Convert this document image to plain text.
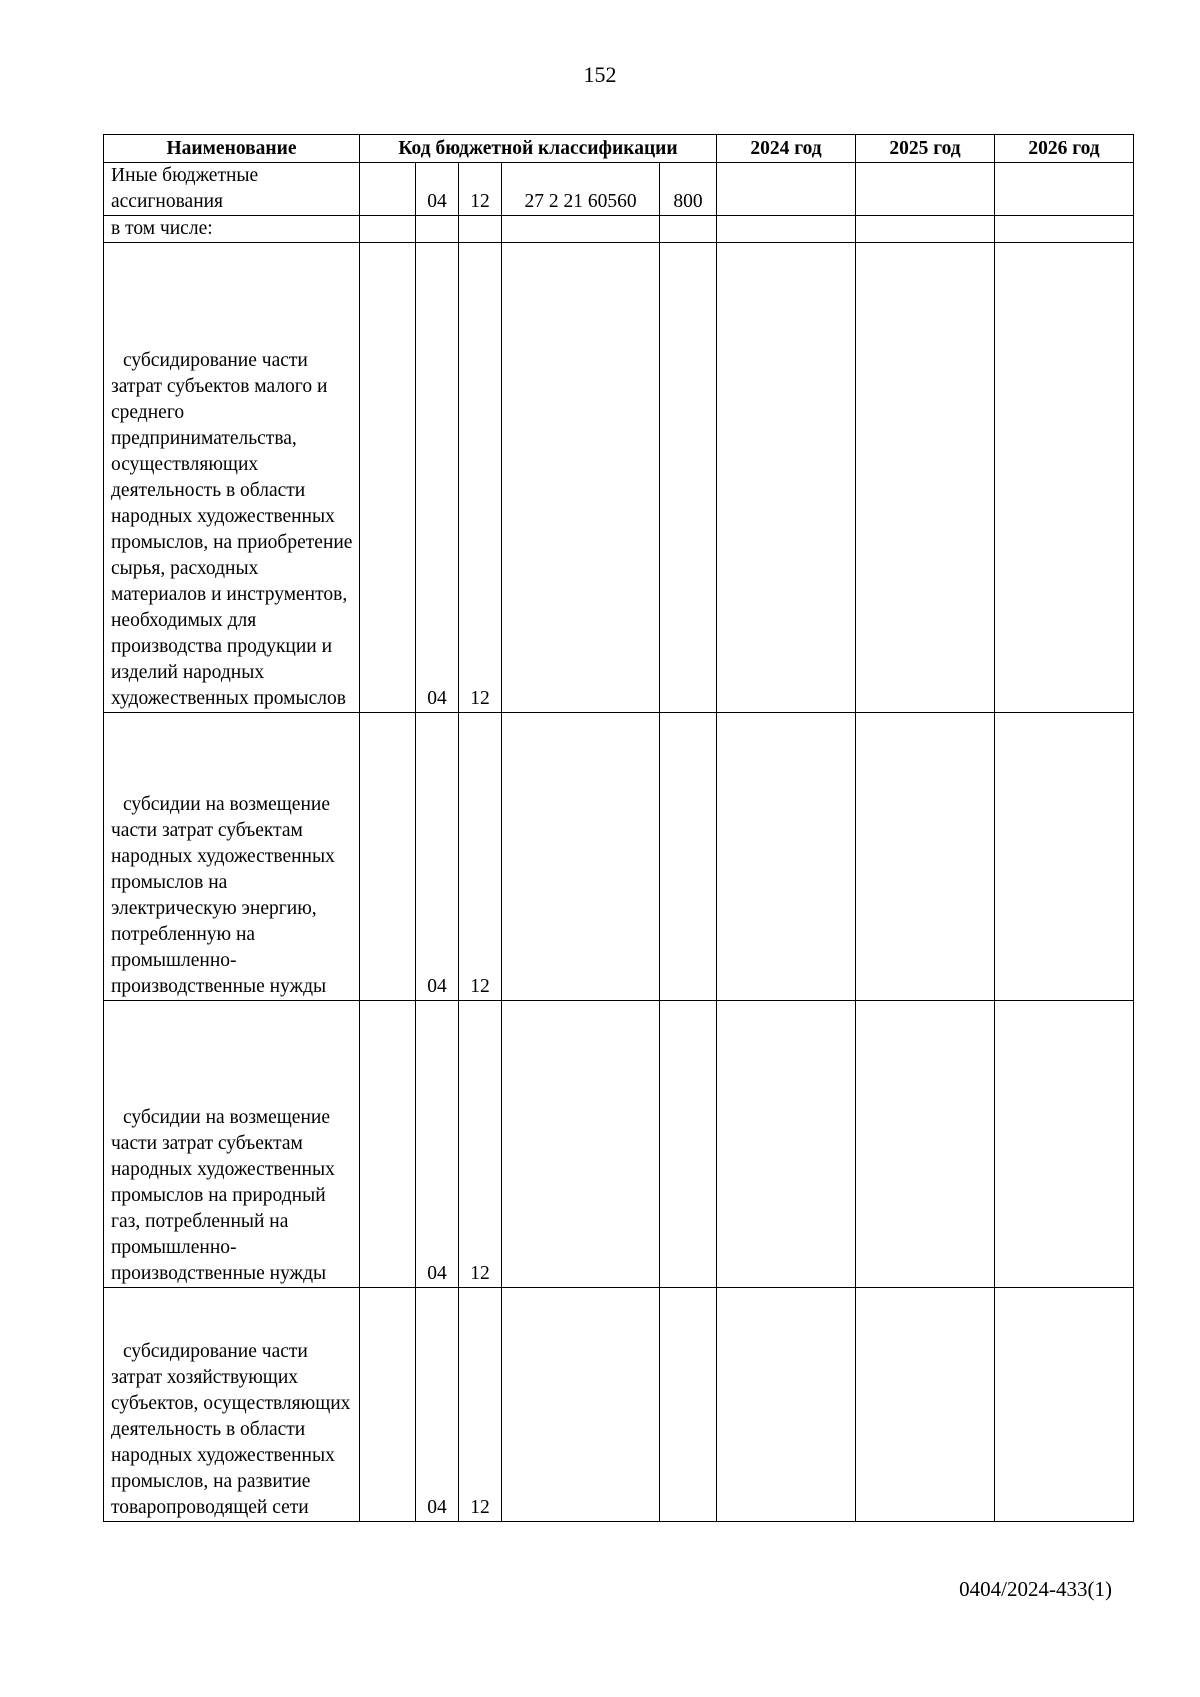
152
Наименование	Код бюджетной классификации					2024 год	2025 год	2026 год
Иные бюджетные ассигнования		04	12	27 2 21 60560	800			
в том числе:								
субсидирование части затрат субъектов малого и среднего предпринимательства, осуществляющих деятельность в области народных художественных промыслов, на приобретение сырья, расходных материалов и инструментов, необходимых для производства продукции и изделий народных художественных промыслов		04	12					
субсидии на возмещение части затрат субъектам народных художественных промыслов на электрическую энергию, потребленную на промышленно-производственные нужды		04	12					
субсидии на возмещение части затрат субъектам народных художественных промыслов на природный газ, потребленный на промышленно-производственные нужды		04	12					
субсидирование части затрат хозяйствующих субъектов, осуществляющих деятельность в области народных художественных промыслов, на развитие товаропроводящей сети		04	12					
0404/2024-433(1)
